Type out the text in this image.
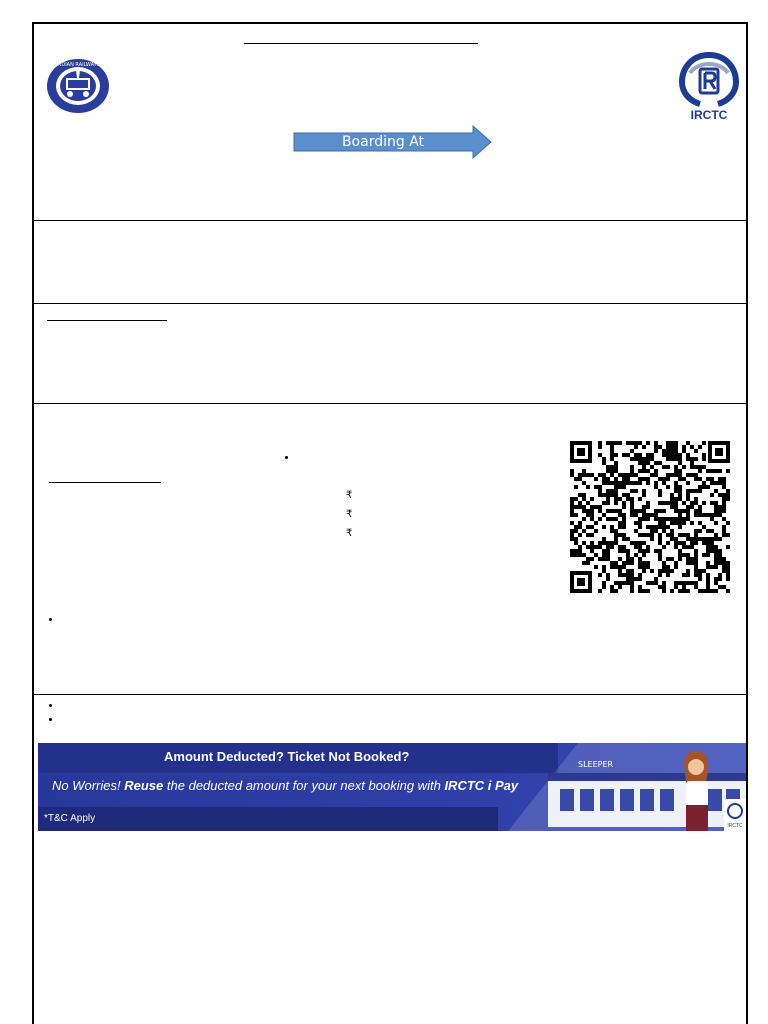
INDIAN RAILWAYS
IRCTC
Boarding At
₹
₹
₹
Amount Deducted? Ticket Not Booked?
No Worries! Reuse the deducted amount for your next booking with IRCTC i Pay
*T&C Apply
SLEEPER
IRCTC
